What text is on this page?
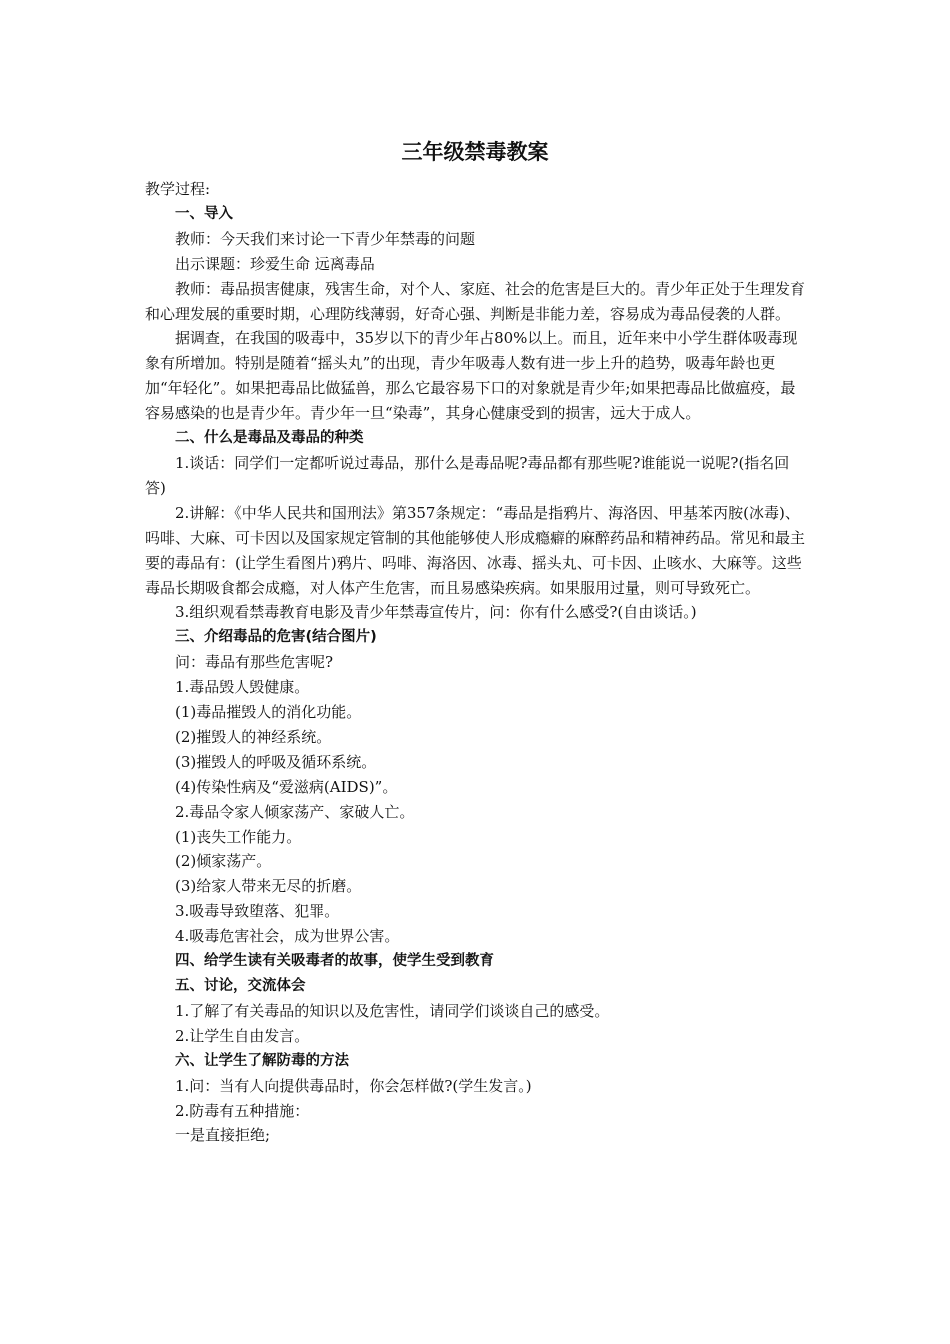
三年级禁毒教案

教学过程:

一、导入

教师：今天我们来讨论一下青少年禁毒的问题

出示课题：珍爱生命 远离毒品

教师：毒品损害健康，残害生命，对个人、家庭、社会的危害是巨大的。青少年正处于生理发育和心理发展的重要时期，心理防线薄弱，好奇心强、判断是非能力差，容易成为毒品侵袭的人群。

据调查，在我国的吸毒中，35岁以下的青少年占80%以上。而且，近年来中小学生群体吸毒现象有所增加。特别是随着“摇头丸”的出现，青少年吸毒人数有进一步上升的趋势，吸毒年龄也更加“年轻化”。如果把毒品比做猛兽，那么它最容易下口的对象就是青少年;如果把毒品比做瘟疫，最容易感染的也是青少年。青少年一旦“染毒”，其身心健康受到的损害，远大于成人。

二、什么是毒品及毒品的种类

1.谈话：同学们一定都听说过毒品，那什么是毒品呢?毒品都有那些呢?谁能说一说呢?(指名回答)

2.讲解：《中华人民共和国刑法》第357条规定：“毒品是指鸦片、海洛因、甲基苯丙胺(冰毒)、吗啡、大麻、可卡因以及国家规定管制的其他能够使人形成瘾癖的麻醉药品和精神药品。常见和最主要的毒品有：(让学生看图片)鸦片、吗啡、海洛因、冰毒、摇头丸、可卡因、止咳水、大麻等。这些毒品长期吸食都会成瘾，对人体产生危害，而且易感染疾病。如果服用过量，则可导致死亡。

3.组织观看禁毒教育电影及青少年禁毒宣传片，问：你有什么感受?(自由谈话。)

三、介绍毒品的危害(结合图片)

问：毒品有那些危害呢?

1.毒品毁人毁健康。

(1)毒品摧毁人的消化功能。

(2)摧毁人的神经系统。

(3)摧毁人的呼吸及循环系统。

(4)传染性病及“爱滋病(AIDS)”。

2.毒品令家人倾家荡产、家破人亡。

(1)丧失工作能力。

(2)倾家荡产。

(3)给家人带来无尽的折磨。

3.吸毒导致堕落、犯罪。

4.吸毒危害社会，成为世界公害。

四、给学生读有关吸毒者的故事，使学生受到教育

五、讨论，交流体会

1.了解了有关毒品的知识以及危害性，请同学们谈谈自己的感受。

2.让学生自由发言。

六、让学生了解防毒的方法

1.问：当有人向提供毒品时，你会怎样做?(学生发言。)

2.防毒有五种措施：

一是直接拒绝;
